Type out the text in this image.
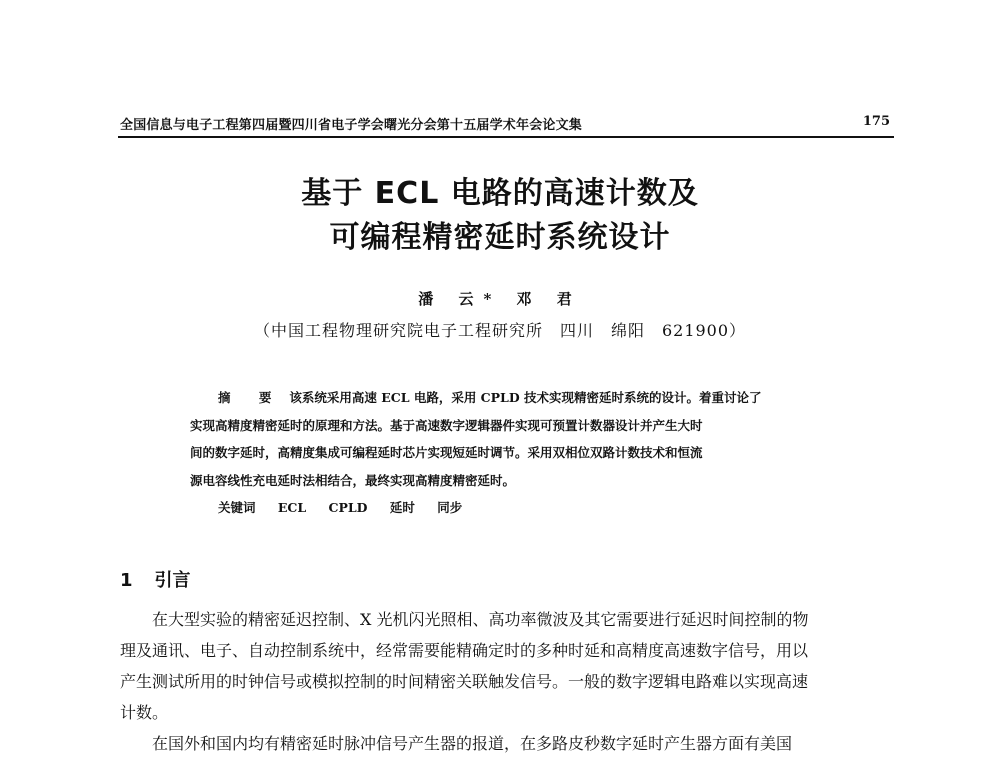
全国信息与电子工程第四届暨四川省电子学会曙光分会第十五届学术年会论文集	175
基于 ECL 电路的高速计数及
可编程精密延时系统设计
潘 云* 邓 君
（中国工程物理研究院电子工程研究所　四川　绵阳　621900）
摘 要 该系统采用高速 ECL 电路，采用 CPLD 技术实现精密延时系统的设计。着重讨论了
实现高精度精密延时的原理和方法。基于高速数字逻辑器件实现可预置计数器设计并产生大时
间的数字延时，高精度集成可编程延时芯片实现短延时调节。采用双相位双路计数技术和恒流
源电容线性充电延时法相结合，最终实现高精度精密延时。
关键词 ECL CPLD 延时 同步
1 引言
在大型实验的精密延迟控制、X 光机闪光照相、高功率微波及其它需要进行延迟时间控制的物
理及通讯、电子、自动控制系统中，经常需要能精确定时的多种时延和高精度高速数字信号，用以
产生测试所用的时钟信号或模拟控制的时间精密关联触发信号。一般的数字逻辑电路难以实现高速
计数。
在国外和国内均有精密延时脉冲信号产生器的报道，在多路皮秒数字延时产生器方面有美国
